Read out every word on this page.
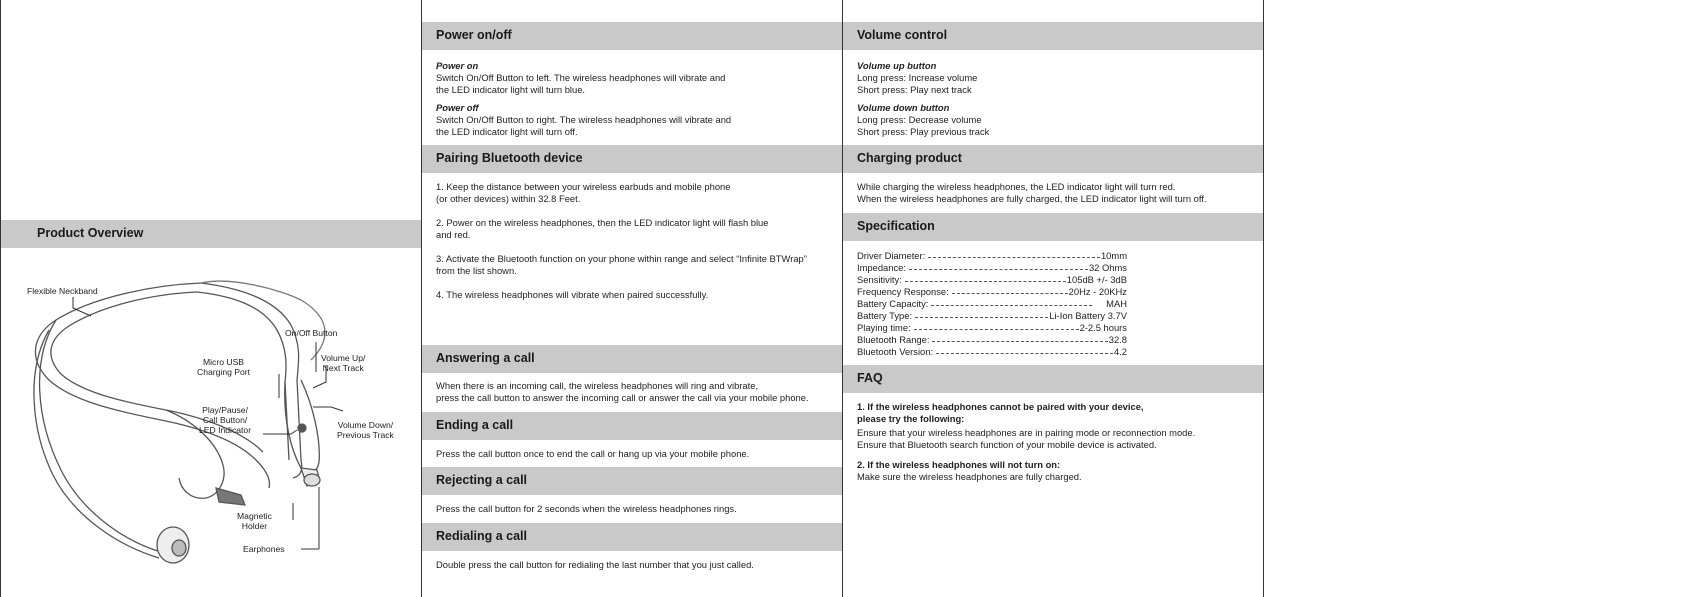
Product Overview
Flexible Neckband
On/Off Button
Micro USB
Charging Port
Volume Up/
Next Track
Play/Pause/
Call Button/
LED Indicator	Volume Down/
Previous Track
Magnetic
Holder
Earphones
Power on/off
Power on
Switch On/Off Button to left. The wireless headphones will vibrate and
the LED indicator light will turn blue.
Power off
Switch On/Off Button to right. The wireless headphones will vibrate and
the LED indicator light will turn off.
Pairing Bluetooth device
1. Keep the distance between your wireless earbuds and mobile phone
(or other devices) within 32.8 Feet.
2. Power on the wireless headphones, then the LED indicator light will flash blue
and red.
3. Activate the Bluetooth function on your phone within range and select “Infinite BTWrap”
from the list shown.
4. The wireless headphones will vibrate when paired successfully.
Answering a call
When there is an incoming call, the wireless headphones will ring and vibrate,
press the call button to answer the incoming call or answer the call via your mobile phone.
Ending a call
Press the call button once to end the call or hang up via your mobile phone.
Rejecting a call
Press the call button for 2 seconds when the wireless headphones rings.
Redialing a call
Double press the call button for redialing the last number that you just called.
Volume control
Volume up button
Long press: Increase volume
Short press: Play next track
Volume down button
Long press: Decrease volume
Short press: Play previous track
Charging product
While charging the wireless headphones, the LED indicator light will turn red.
When the wireless headphones are fully charged, the LED indicator light will turn off.
Specification
Driver Diameter:	10mm
Impedance:	32 Ohms
Sensitivity:	105dB +/- 3dB
Frequency Response:	20Hz - 20KHz
Battery Capacity:	MAH
Battery Type:	Li-Ion Battery 3.7V
Playing time:	2-2.5 hours
Bluetooth Range:	32.8
Bluetooth Version:	4.2
FAQ
1. If the wireless headphones cannot be paired with your device,
please try the following:
Ensure that your wireless headphones are in pairing mode or reconnection mode.
Ensure that Bluetooth search function of your mobile device is activated.
2. If the wireless headphones will not turn on:
Make sure the wireless headphones are fully charged.
